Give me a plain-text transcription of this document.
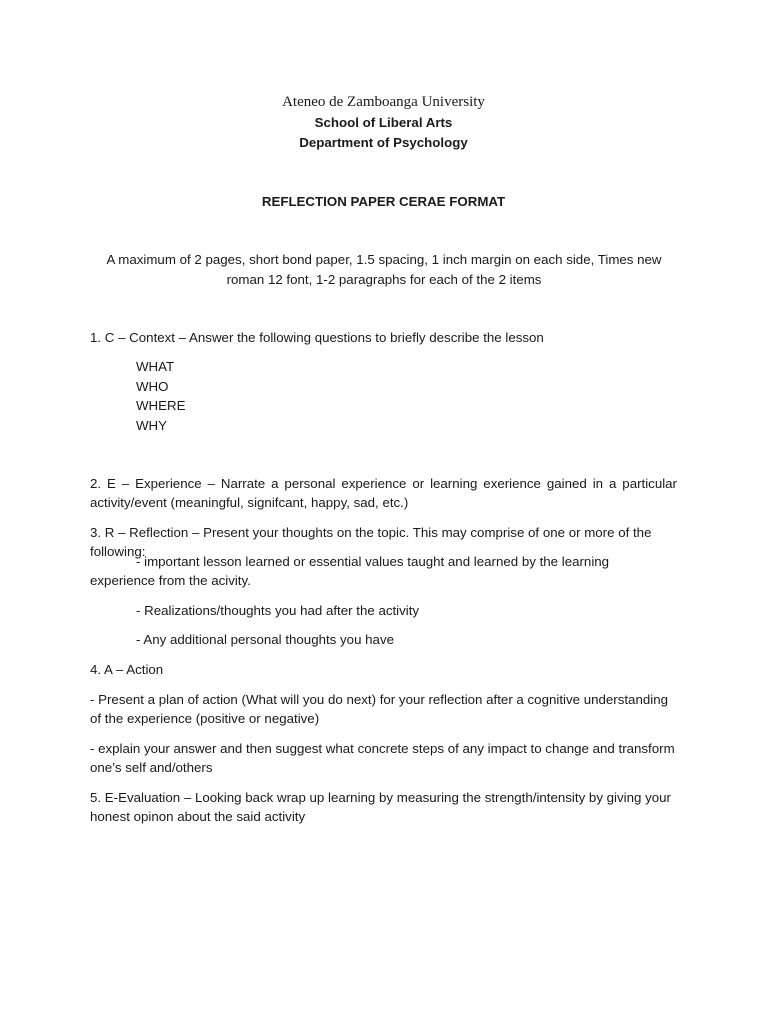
Ateneo de Zamboanga University
School of Liberal Arts
Department of Psychology
REFLECTION PAPER CERAE FORMAT
A maximum of 2 pages, short bond paper, 1.5 spacing, 1 inch margin on each side, Times new roman 12 font, 1-2 paragraphs for each of the 2 items
1. C – Context – Answer the following questions to briefly describe the lesson
WHAT
WHO
WHERE
WHY
2. E – Experience – Narrate a personal experience or learning exerience gained in a particular activity/event (meaningful, signifcant, happy, sad, etc.)
3. R – Reflection – Present your thoughts on the topic. This may comprise of one or more of the following:
- important lesson learned or essential values taught and learned by the learning experience from the acivity.
- Realizations/thoughts you had after the activity
- Any additional personal thoughts you have
4. A – Action
- Present a plan of action (What will you do next) for your reflection after a cognitive understanding of the experience (positive or negative)
- explain your answer and then suggest what concrete steps of any impact to change and transform one’s self and/others
5. E-Evaluation – Looking back wrap up learning by measuring the strength/intensity by giving your honest opinon about the said activity
